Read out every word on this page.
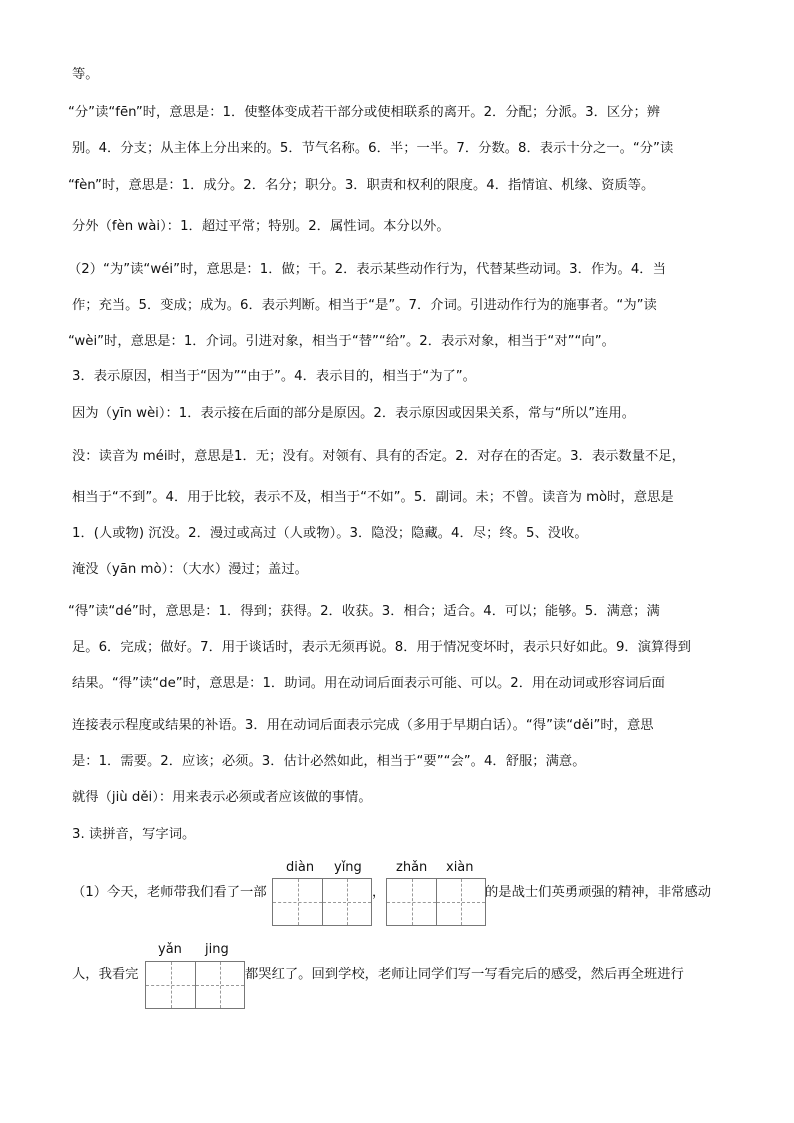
等。
“分”读“fēn”时，意思是：1．使整体变成若干部分或使相联系的离开。2．分配；分派。3．区分；辨
别。4．分支；从主体上分出来的。5．节气名称。6．半；一半。7．分数。8．表示十分之一。“分”读
“fèn”时，意思是：1．成分。2．名分；职分。3．职责和权利的限度。4．指情谊、机缘、资质等。
分外（fèn wài）：1．超过平常；特别。2．属性词。本分以外。
（2）“为”读“wéi”时，意思是：1．做；干。2．表示某些动作行为，代替某些动词。3．作为。4．当
作；充当。5．变成；成为。6．表示判断。相当于“是”。7．介词。引进动作行为的施事者。“为”读
“wèi”时，意思是：1．介词。引进对象，相当于“替”“给”。2．表示对象，相当于“对”“向”。
3．表示原因，相当于“因为”“由于”。4．表示目的，相当于“为了”。
因为（yīn wèi）：1．表示接在后面的部分是原因。2．表示原因或因果关系，常与“所以”连用。
没：读音为 méi时，意思是1．无；没有。对领有、具有的否定。2．对存在的否定。3．表示数量不足，
相当于“不到”。4．用于比较，表示不及，相当于“不如”。5．副词。未；不曾。读音为 mò时，意思是
1．(人或物) 沉没。2．漫过或高过（人或物）。3．隐没；隐藏。4．尽；终。5、没收。
淹没（yān mò）：（大水）漫过；盖过。
“得”读“dé”时，意思是：1．得到；获得。2．收获。3．相合；适合。4．可以；能够。5．满意；满
足。6．完成；做好。7．用于谈话时，表示无须再说。8．用于情况变坏时，表示只好如此。9．演算得到
结果。“得”读“de”时，意思是：1．助词。用在动词后面表示可能、可以。2．用在动词或形容词后面
连接表示程度或结果的补语。3．用在动词后面表示完成（多用于早期白话）。“得”读“děi”时，意思
是：1．需要。2．应该；必须。3．估计必然如此，相当于“要”“会”。4．舒服；满意。
就得（jiù děi）：用来表示必须或者应该做的事情。
3. 读拼音，写字词。
（1）今天，老师带我们看了一部
diàn yǐng
，
zhǎn xiàn
的是战士们英勇顽强的精神，非常感动
人，我看完
yǎn jing
都哭红了。回到学校，老师让同学们写一写看完后的感受，然后再全班进行
